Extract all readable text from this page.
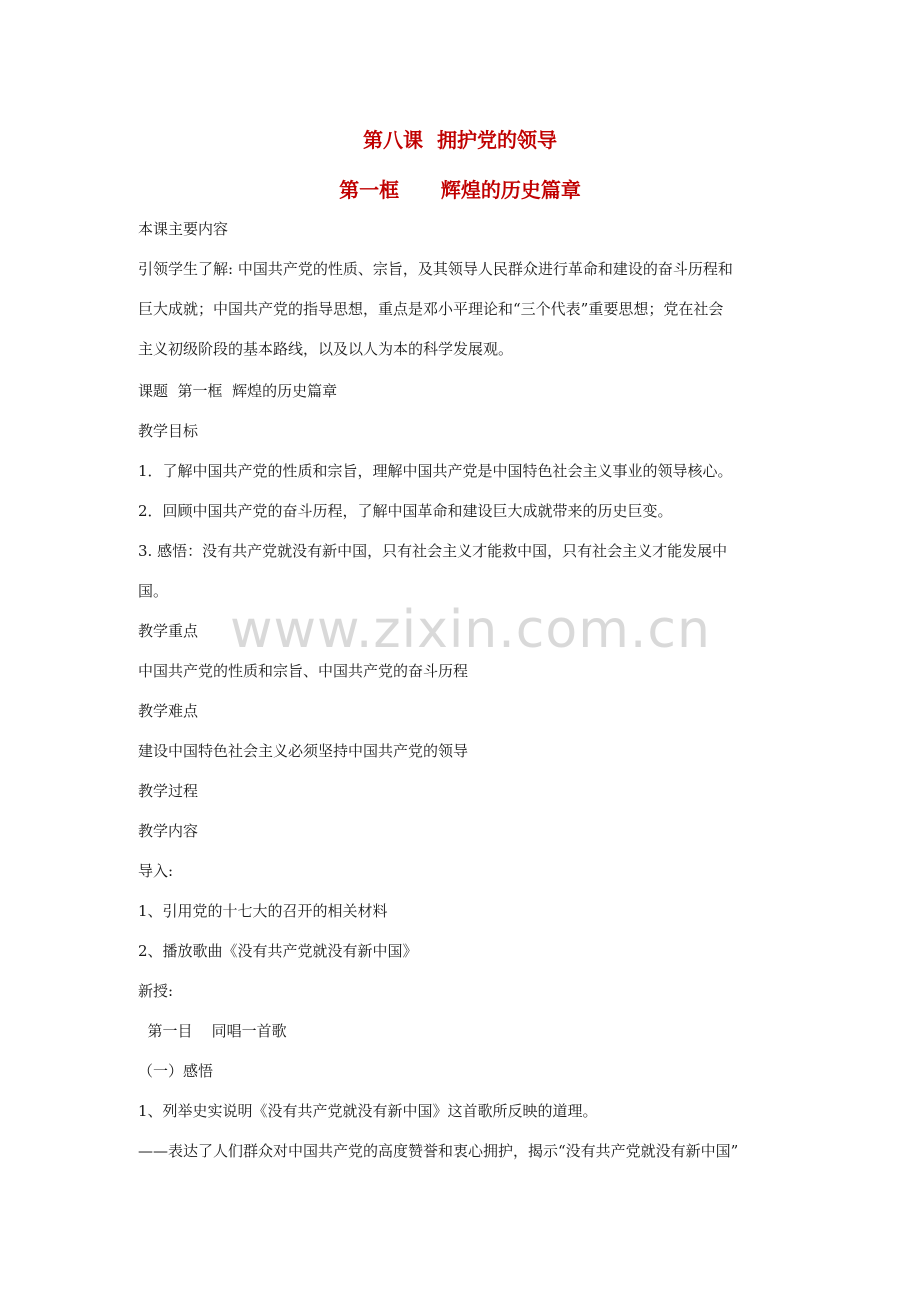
第八课  拥护党的领导
第一框      辉煌的历史篇章
www.zixin.com.cn
本课主要内容
引领学生了解: 中国共产党的性质、宗旨，及其领导人民群众进行革命和建设的奋斗历程和
巨大成就；中国共产党的指导思想，重点是邓小平理论和“三个代表”重要思想；党在社会
主义初级阶段的基本路线，以及以人为本的科学发展观。
课题  第一框  辉煌的历史篇章
教学目标
1．了解中国共产党的性质和宗旨，理解中国共产党是中国特色社会主义事业的领导核心。
2．回顾中国共产党的奋斗历程，了解中国革命和建设巨大成就带来的历史巨变。
3. 感悟：没有共产党就没有新中国，只有社会主义才能救中国，只有社会主义才能发展中
国。
教学重点
中国共产党的性质和宗旨、中国共产党的奋斗历程
教学难点
建设中国特色社会主义必须坚持中国共产党的领导
教学过程
教学内容
导入:
1、引用党的十七大的召开的相关材料
2、播放歌曲《没有共产党就没有新中国》
新授:
第一目    同唱一首歌
（一）感悟
1、列举史实说明《没有共产党就没有新中国》这首歌所反映的道理。
——表达了人们群众对中国共产党的高度赞誉和衷心拥护，揭示“没有共产党就没有新中国”
